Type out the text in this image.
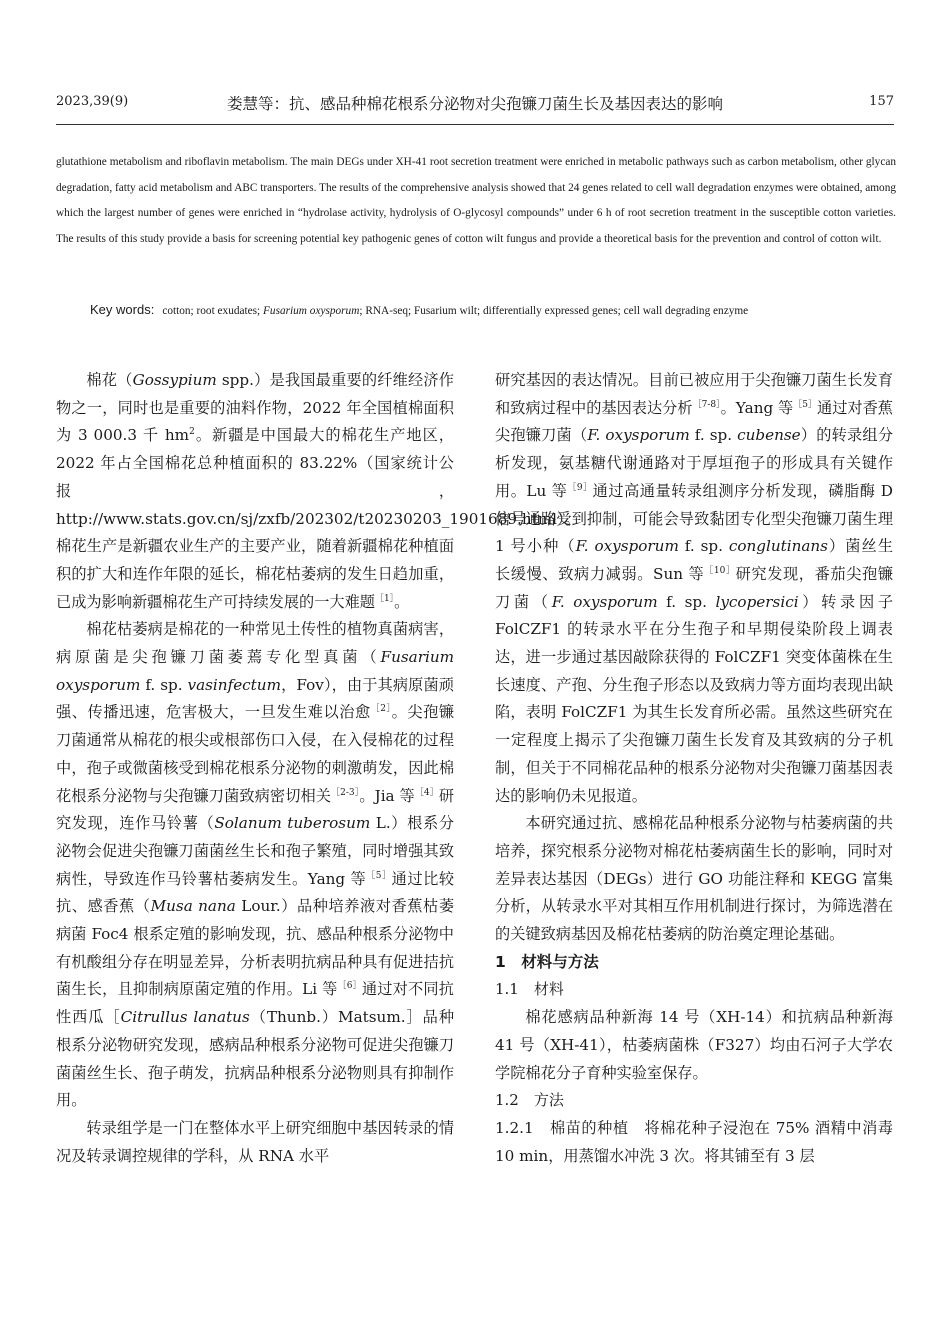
2023,39(9)	娄慧等：抗、感品种棉花根系分泌物对尖孢镰刀菌生长及基因表达的影响	157
glutathione metabolism and riboflavin metabolism. The main DEGs under XH-41 root secretion treatment were enriched in metabolic pathways such as carbon metabolism, other glycan degradation, fatty acid metabolism and ABC transporters. The results of the comprehensive analysis showed that 24 genes related to cell wall degradation enzymes were obtained, among which the largest number of genes were enriched in “hydrolase activity, hydrolysis of O-glycosyl compounds” under 6 h of root secretion treatment in the susceptible cotton varieties. The results of this study provide a basis for screening potential key pathogenic genes of cotton wilt fungus and provide a theoretical basis for the prevention and control of cotton wilt.
Key words: cotton; root exudates; Fusarium oxysporum; RNA-seq; Fusarium wilt; differentially expressed genes; cell wall degrading enzyme

棉花（Gossypium spp.）是我国最重要的纤维经济作物之一，同时也是重要的油料作物，2022 年全国植棉面积为 3 000.3 千 $hm^2$。新疆是中国最大的棉花生产地区，2022 年占全国棉花总种植面积的 83.22%（国家统计公报，http://www.stats.gov.cn/sj/zxfb/202302/t20230203_1901689.html）。棉花生产是新疆农业生产的主要产业，随着新疆棉花种植面积的扩大和连作年限的延长，棉花枯萎病的发生日趋加重，已成为影响新疆棉花生产可持续发展的一大难题$^{[1]}$。

棉花枯萎病是棉花的一种常见土传性的植物真菌病害，病原菌是尖孢镰刀菌萎蔫专化型真菌（Fusarium oxysporum f. sp. vasinfectum，Fov），由于其病原菌顽强、传播迅速，危害极大，一旦发生难以治愈$^{[2]}$。尖孢镰刀菌通常从棉花的根尖或根部伤口入侵，在入侵棉花的过程中，孢子或微菌核受到棉花根系分泌物的刺激萌发，因此棉花根系分泌物与尖孢镰刀菌致病密切相关$^{[2-3]}$。Jia 等$^{[4]}$研究发现，连作马铃薯（Solanum tuberosum L.）根系分泌物会促进尖孢镰刀菌菌丝生长和孢子繁殖，同时增强其致病性，导致连作马铃薯枯萎病发生。Yang 等$^{[5]}$通过比较抗、感香蕉（Musa nana Lour.）品种培养液对香蕉枯萎病菌 Foc4 根系定殖的影响发现，抗、感品种根系分泌物中有机酸组分存在明显差异，分析表明抗病品种具有促进拮抗菌生长，且抑制病原菌定殖的作用。Li 等$^{[6]}$通过对不同抗性西瓜［Citrullus lanatus（Thunb.）Matsum.］品种根系分泌物研究发现，感病品种根系分泌物可促进尖孢镰刀菌菌丝生长、孢子萌发，抗病品种根系分泌物则具有抑制作用。

转录组学是一门在整体水平上研究细胞中基因转录的情况及转录调控规律的学科，从 RNA 水平

研究基因的表达情况。目前已被应用于尖孢镰刀菌生长发育和致病过程中的基因表达分析$^{[7-8]}$。Yang 等$^{[5]}$通过对香蕉尖孢镰刀菌（F. oxysporum f. sp. cubense）的转录组分析发现，氨基糖代谢通路对于厚垣孢子的形成具有关键作用。Lu 等$^{[9]}$通过高通量转录组测序分析发现，磷脂酶 D 信号通路受到抑制，可能会导致黏团专化型尖孢镰刀菌生理 1 号小种（F. oxysporum f. sp. conglutinans）菌丝生长缓慢、致病力减弱。Sun 等$^{[10]}$研究发现，番茄尖孢镰刀菌（F. oxysporum f. sp. lycopersici）转录因子 FolCZF1 的转录水平在分生孢子和早期侵染阶段上调表达，进一步通过基因敲除获得的 FolCZF1 突变体菌株在生长速度、产孢、分生孢子形态以及致病力等方面均表现出缺陷，表明 FolCZF1 为其生长发育所必需。虽然这些研究在一定程度上揭示了尖孢镰刀菌生长发育及其致病的分子机制，但关于不同棉花品种的根系分泌物对尖孢镰刀菌基因表达的影响仍未见报道。

本研究通过抗、感棉花品种根系分泌物与枯萎病菌的共培养，探究根系分泌物对棉花枯萎病菌生长的影响，同时对差异表达基因（DEGs）进行 GO 功能注释和 KEGG 富集分析，从转录水平对其相互作用机制进行探讨，为筛选潜在的关键致病基因及棉花枯萎病的防治奠定理论基础。

1　材料与方法

1.1　材料

棉花感病品种新海 14 号（XH-14）和抗病品种新海 41 号（XH-41），枯萎病菌株（F327）均由石河子大学农学院棉花分子育种实验室保存。

1.2　方法

1.2.1　棉苗的种植　将棉花种子浸泡在 75% 酒精中消毒 10 min，用蒸馏水冲洗 3 次。将其铺至有 3 层
